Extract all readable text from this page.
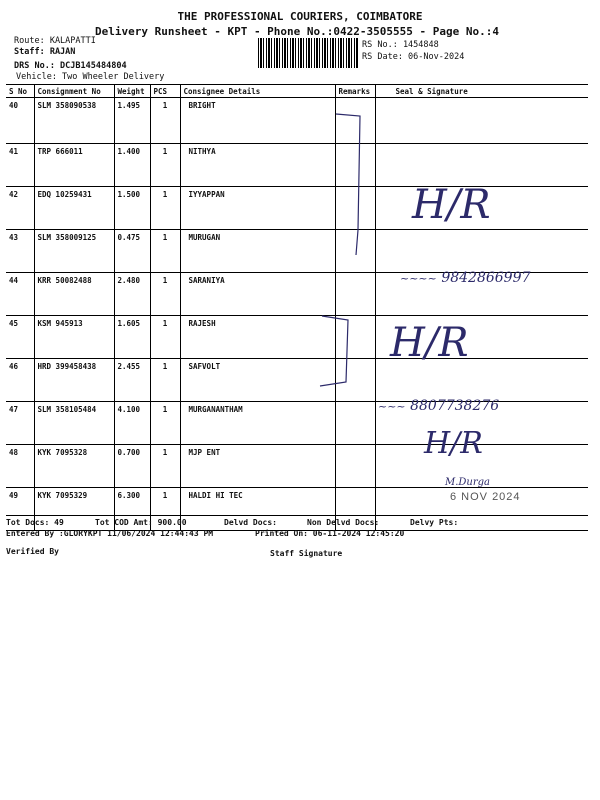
THE PROFESSIONAL COURIERS, COIMBATORE
Delivery Runsheet - KPT - Phone No.:0422-3505555 - Page No.:4
Route: KALAPATTI
Staff: RAJAN
DRS No.: DCJB145484804
Vehicle: Two Wheeler Delivery
RS No.: 1454848
RS Date: 06-Nov-2024
S No	Consignment No	Weight	PCS	Consignee Details	Remarks	Seal & Signature
40	SLM 358090538	1.495	1	BRIGHT		
41	TRP 666011	1.400	1	NITHYA		
42	EDQ 10259431	1.500	1	IYYAPPAN		
43	SLM 358009125	0.475	1	MURUGAN		
44	KRR 50082488	2.480	1	SARANIYA		
45	KSM 945913	1.605	1	RAJESH		
46	HRD 399458438	2.455	1	SAFVOLT		
47	SLM 358105484	4.100	1	MURGANANTHAM		
48	KYK 7095328	0.700	1	MJP ENT		
49	KYK 7095329	6.300	1	HALDI HI TEC		
H/R
~~~~ 9842866997
H/R
~~~ 8807738276
H/R
M.Durga
6 NOV 2024
Tot Docs: 49	Tot COD Amt: 900.00	Delvd Docs:	Non Delvd Docs:	Delvy Pts:
Entered By :GLORYKPT 11/06/2024 12:44:43 PM	Printed On: 06-11-2024 12:45:20
Verified By	Staff Signature
